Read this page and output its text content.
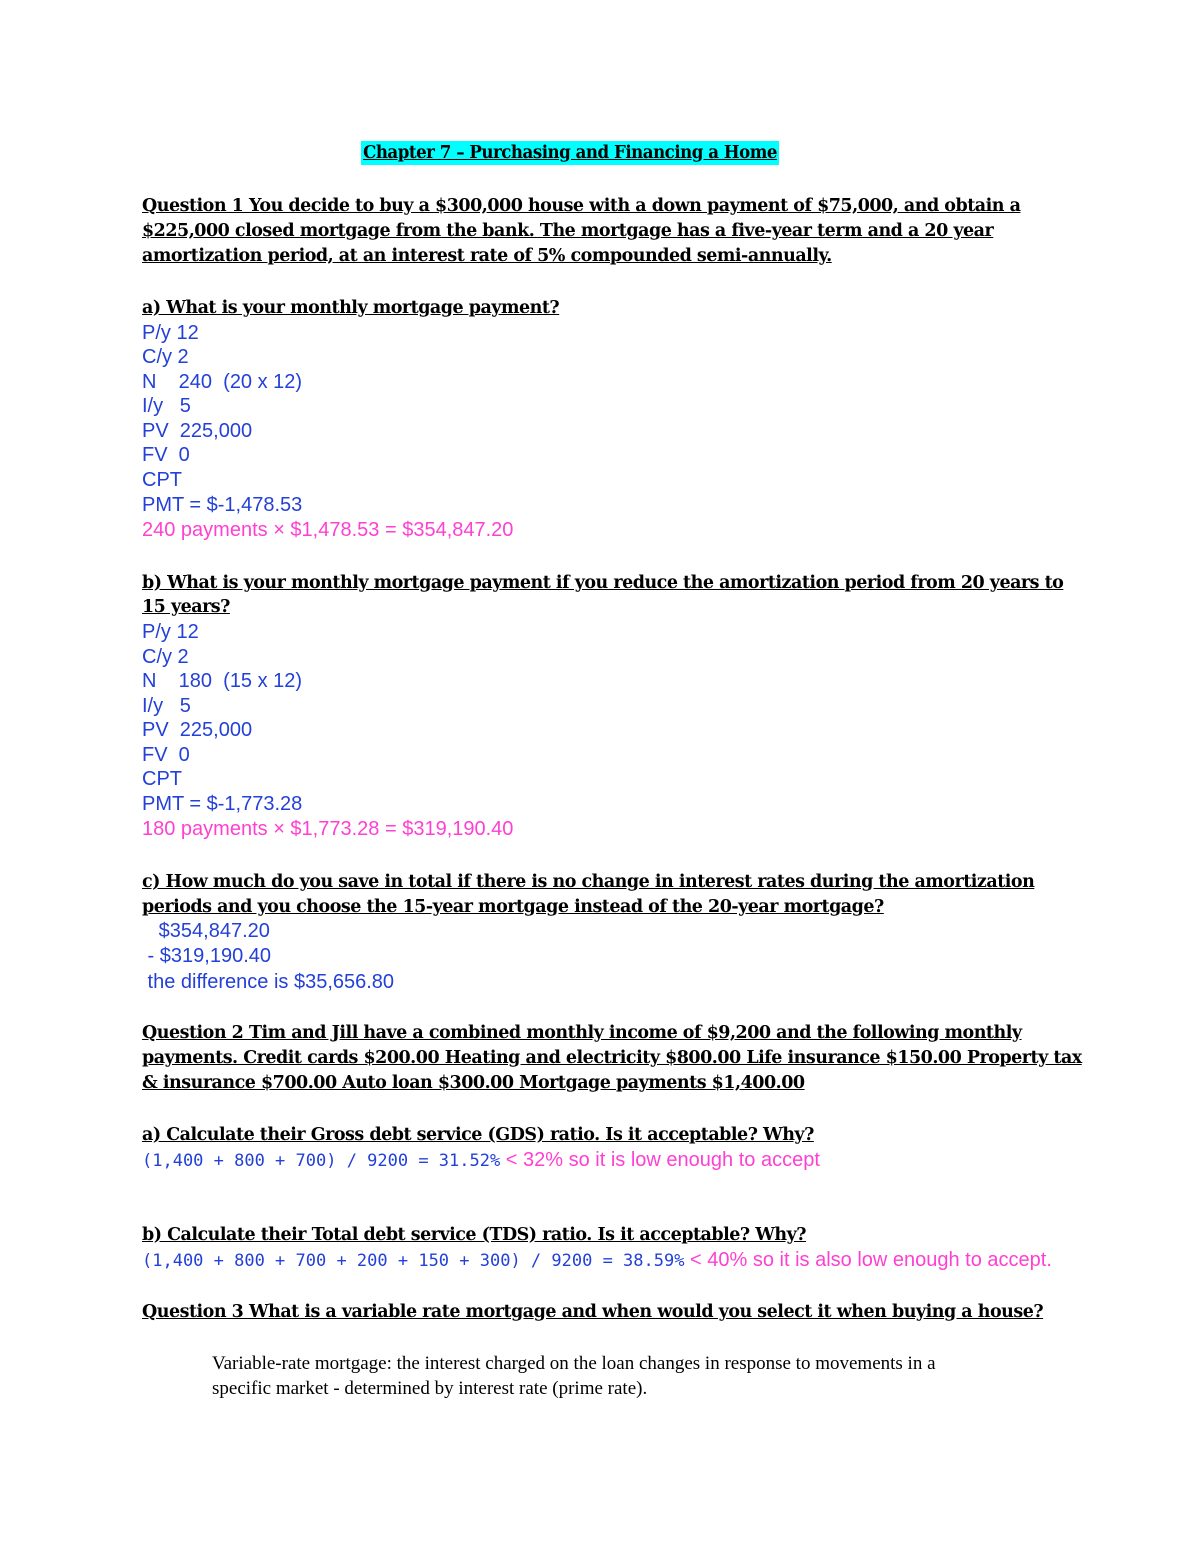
Chapter 7 – Purchasing and Financing a Home
Question 1 You decide to buy a $300,000 house with a down payment of $75,000, and obtain a
$225,000 closed mortgage from the bank. The mortgage has a five-year term and a 20 year
amortization period, at an interest rate of 5% compounded semi-annually.
a) What is your monthly mortgage payment?
P/y 12
C/y 2
N    240  (20 x 12)
I/y   5
PV  225,000
FV  0
CPT
PMT = $-1,478.53
240 payments × $1,478.53 = $354,847.20
b) What is your monthly mortgage payment if you reduce the amortization period from 20 years to
15 years?
P/y 12
C/y 2
N    180  (15 x 12)
I/y   5
PV  225,000
FV  0
CPT
PMT = $-1,773.28
180 payments × $1,773.28 = $319,190.40
c) How much do you save in total if there is no change in interest rates during the amortization
periods and you choose the 15-year mortgage instead of the 20-year mortgage?
$354,847.20
- $319,190.40
the difference is $35,656.80
Question 2 Tim and Jill have a combined monthly income of $9,200 and the following monthly
payments. Credit cards $200.00 Heating and electricity $800.00 Life insurance $150.00 Property tax
& insurance $700.00 Auto loan $300.00 Mortgage payments $1,400.00
a) Calculate their Gross debt service (GDS) ratio. Is it acceptable? Why?
(1,400 + 800 + 700) / 9200 = 31.52% < 32% so it is low enough to accept
b) Calculate their Total debt service (TDS) ratio. Is it acceptable? Why?
(1,400 + 800 + 700 + 200 + 150 + 300) / 9200 = 38.59% < 40% so it is also low enough to accept.
Question 3 What is a variable rate mortgage and when would you select it when buying a house?
Variable-rate mortgage: the interest charged on the loan changes in response to movements in a
specific market - determined by interest rate (prime rate).
